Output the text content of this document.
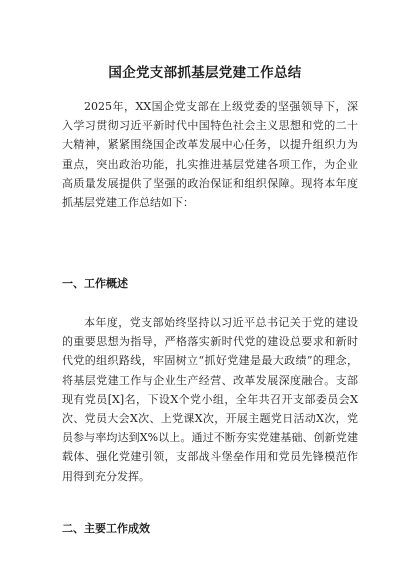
国企党支部抓基层党建工作总结

2025年，XX国企党支部在上级党委的坚强领导下，深入学习贯彻习近平新时代中国特色社会主义思想和党的二十大精神，紧紧围绕国企改革发展中心任务，以提升组织力为重点，突出政治功能，扎实推进基层党建各项工作，为企业高质量发展提供了坚强的政治保证和组织保障。现将本年度抓基层党建工作总结如下：

一、工作概述

本年度，党支部始终坚持以习近平总书记关于党的建设的重要思想为指导，严格落实新时代党的建设总要求和新时代党的组织路线，牢固树立“抓好党建是最大政绩”的理念，将基层党建工作与企业生产经营、改革发展深度融合。支部现有党员[X]名，下设X个党小组，全年共召开支部委员会X次、党员大会X次、上党课X次，开展主题党日活动X次，党员参与率均达到X%以上。通过不断夯实党建基础、创新党建载体、强化党建引领，支部战斗堡垒作用和党员先锋模范作用得到充分发挥。

二、主要工作成效
